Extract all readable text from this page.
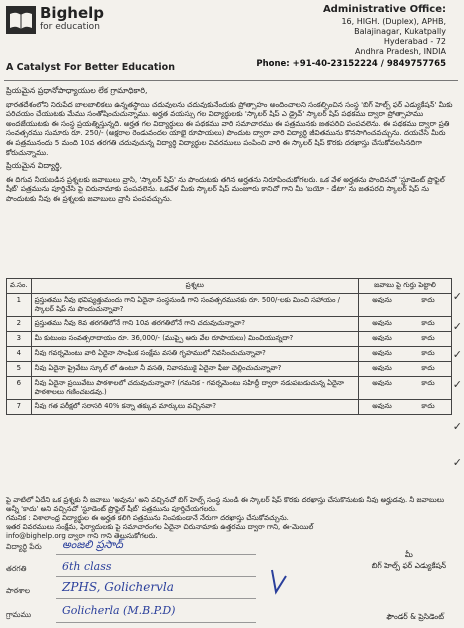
Bighelp
for education
A Catalyst For Better Education
Administrative Office:
16, HIGH. (Duplex), APHB,
Balajinagar, Kukatpally
Hyderabad - 72
Andhra Pradesh, INDIA
Phone: +91-40-23152224 / 9849757765

ప్రియమైన ప్రధానోపాధ్యాయుల లేక గ్రామాధికారి,

భారతదేశంలోని నిరుపేద బాలబాలికలు ఉన్నతస్థాయి చదువులను చదువుకునేందుకు ప్రోత్సాహం అందించాలని సంకల్పించిన సంస్థ 'బిగ్ హెల్ప్ ఫర్ ఎడ్యుకేషన్' మీకు పరిచయం చేయుటకు మేము సంతోషించుచున్నాము. అర్హత వయస్సు గల విద్యార్థులకు 'స్కాలర్ షిప్ ఎ డ్రైవ్' స్కాలర్ షిప్ పథకము ద్వారా ప్రోత్సాహము అందజేయుటకు ఈ సంస్థ ప్రయత్నిస్తున్నది. అర్హత గల విద్యార్థులు ఈ పథకము వారి సమాచారము ఈ పత్రమునకు జతపరిచి పంపవలెను. ఈ పథకము ద్వారా ప్రతి సంవత్సరము సుమారు రూ. 250/- (అక్షరాల రెండువందల యాభై రూపాయలు) పొందుట ద్వారా వారి విద్యార్థి జీవితమును కొనసాగించవచ్చును. దయచేసి మీరు ఈ పత్రమునందు 5 మంది 10వ తరగతి చదువుచున్న విద్యార్థి విద్యార్థుల వివరములు పంపించి వారి ఈ స్కాలర్ షిప్ కొరకు దరఖాస్తు చేసుకోవలసినదిగా కోరుచున్నాము.

ప్రియమైన విద్యార్థి,

ఈ దిగువ నీయబడిన ప్రశ్నలకు జవాబులు వ్రాసి, 'స్కాలర్ షిప్' ను పొందుటకు తగిన అర్హతను నిరూపించుకోగలరు. ఒక వేళ అర్హతను పొందినచో 'స్టూడెంట్ ప్రొఫైల్ షీట్' పత్రమును పూర్తిచేసి పై చిరునామాకు పంపవలెను. ఒకవేళ మీకు స్కాలర్ షిప్ మంజూరు కానిచో గాని మీ 'బయో - డేటా' ను జతపరచి స్కాలర్ షిప్ ను పొందుటకు నీవు ఈ ప్రశ్నలకు జవాబులు వ్రాసి పంపవచ్చును.

వ.సం.	ప్రశ్నలు	జవాబు పై గుర్తు పెట్టాలి	
1	ప్రస్తుతము నీవు భవిష్యత్తుమందు గాని ఏదైనా సంస్థనుండి గాని సంవత్సరమునకు రూ. 500/-లకు మించి సహాయం / స్కాలర్ షిప్ ను పొందుచున్నావా?	అవును	కాదు
2	ప్రస్తుతము నీవు 8వ తరగతిలోనే గాని 10వ తరగతిలోనే గాని చదువుచున్నావా?	అవును	కాదు
3	మీ కుటుంబ సంవత్సరాదాయం రూ. 36,000/- (ముప్పై ఆరు వేల రూపాయలు) మించియున్నదా?	అవును	కాదు
4	నీవు గవర్నమెంటు వారి ఏదైనా సాంఘిక సంక్షేమ వసతి గృహములో నివసించుచున్నావా?	అవును	కాదు
5	నీవు ఏదైనా ప్రైవేటు స్కూల్ లో ఉంటూ నీ వసతి, నివాసముకై ఏదైనా ఫీజు చెల్లించుచున్నావా?	అవును	కాదు
6	నీవు ఏదైనా ప్రయివేటు పాఠశాలలో చదువుచున్నావా? (గమనిక - గవర్నమెంటు సహిద్దీ ద్వారా నడుపబడుచున్న ఏదైనా పాఠశాలలు గణించబడవు.)	అవును	కాదు
7	నీవు గత పరీక్షలో సరాసరి 40% కన్నా తక్కువ మార్కులు వచ్చినవా?	అవును	కాదు
✓
✓
✓
✓
✓
✓
పై వాటిలో ఏదేని ఒక ప్రశ్నకు నీ జవాబు 'అవును' అని వచ్చినచో బిగ్ హెల్ప్ సంస్థ నుండి ఈ స్కాలర్ షిప్ కొరకు దరఖాస్తు చేసుకొనుటకు నీవు అర్హుడవు. నీ జవాబులు అన్నీ 'కాదు' అని వచ్చినచో 'స్టూడెంట్ ప్రొఫైల్ షీట్' పత్రమును పూర్తిచేయగలరు.
గమనిక : విశాలాంధ్ర విద్యార్థుల ఈ అర్హత కలిగి పత్రమును నింపకుండానే నేరుగా దరఖాస్తు చేసుకోవచ్చును.
ఇతర వివరములు సంక్షేమ, ఫిర్యాదులకు పై సమాచారంగల ఏదైనా చిరునామాకు ఉత్తరము ద్వారా గాని, ఈ-మెయిల్
info@bighelp.org ద్వారా గాని గాని తెలుసుకోగలరు.
విద్యార్థి పేరు అంజలి ప్రసాద్
తరగతి	6th class
పాఠశాల	ZPHS, Golichervla
గ్రామము	Golicherla (M.B.P.D)
మీ
బిగ్ హెల్ప్ ఫర్ ఎడ్యుకేషన్
ఫౌండర్ & ప్రెసిడెంట్
